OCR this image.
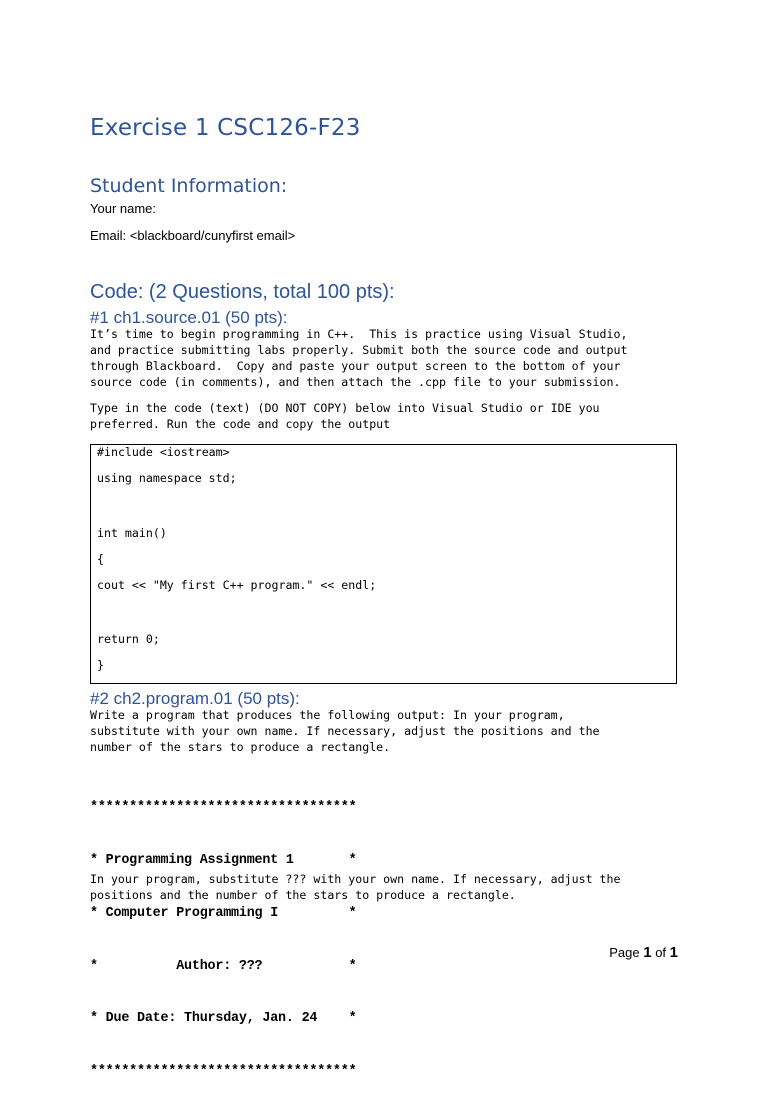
Exercise 1 CSC126-F23
Student Information:

Your name:

Email: <blackboard/cunyfirst email>

Code: (2 Questions, total 100 pts):
#1 ch1.source.01 (50 pts):

It’s time to begin programming in C++.  This is practice using Visual Studio,

and practice submitting labs properly. Submit both the source code and output

through Blackboard.  Copy and paste your output screen to the bottom of your

source code (in comments), and then attach the .cpp file to your submission.

Type in the code (text) (DO NOT COPY) below into Visual Studio or IDE you

preferred. Run the code and copy the output

#include <iostream>

using namespace std;

int main()

{

cout << "My first C++ program." << endl;

return 0;

}

#2 ch2.program.01 (50 pts):

Write a program that produces the following output: In your program,

substitute with your own name. If necessary, adjust the positions and the

number of the stars to produce a rectangle.

**********************************

* Programming Assignment 1       *

* Computer Programming I         *

*          Author: ???           *

* Due Date: Thursday, Jan. 24    *

**********************************

In your program, substitute ??? with your own name. If necessary, adjust the

positions and the number of the stars to produce a rectangle.

Page 1 of 1
